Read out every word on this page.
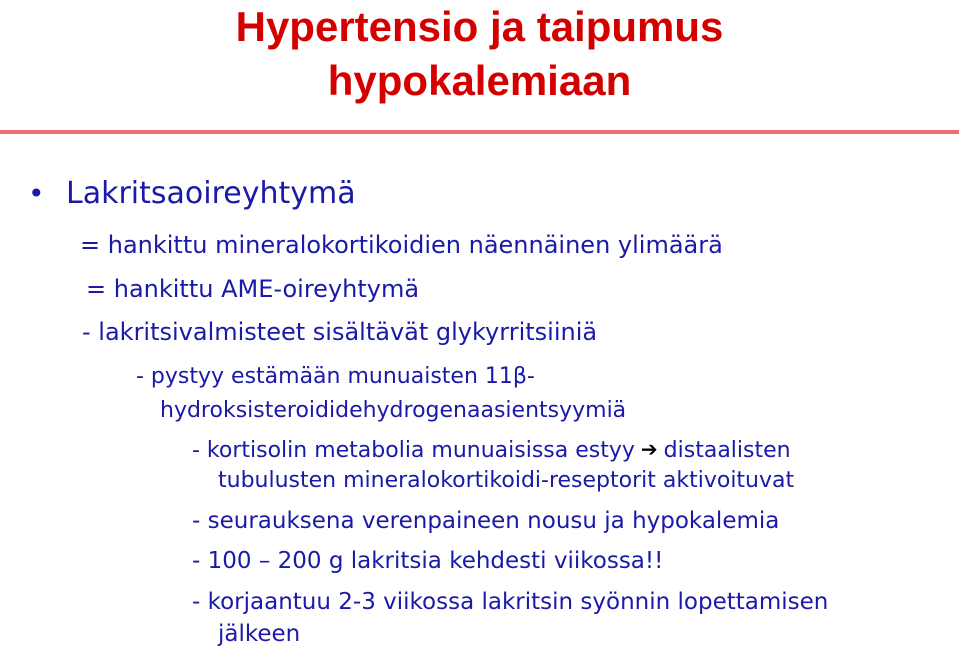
Hypertensio ja taipumus
hypokalemiaan
• Lakritsaoireyhtymä
= hankittu mineralokortikoidien näennäinen ylimäärä
= hankittu AME-oireyhtymä
- lakritsivalmisteet sisältävät glykyrritsiiniä
- pystyy estämään munuaisten 11β-
hydroksisteroididehydrogenaasientsyymiä
- kortisolin metabolia munuaisissa estyy ➔ distaalisten
tubulusten mineralokortikoidi-reseptorit aktivoituvat
- seurauksena verenpaineen nousu ja hypokalemia
- 100 – 200 g lakritsia kehdesti viikossa!!
- korjaantuu 2-3 viikossa lakritsin syönnin lopettamisen
jälkeen
